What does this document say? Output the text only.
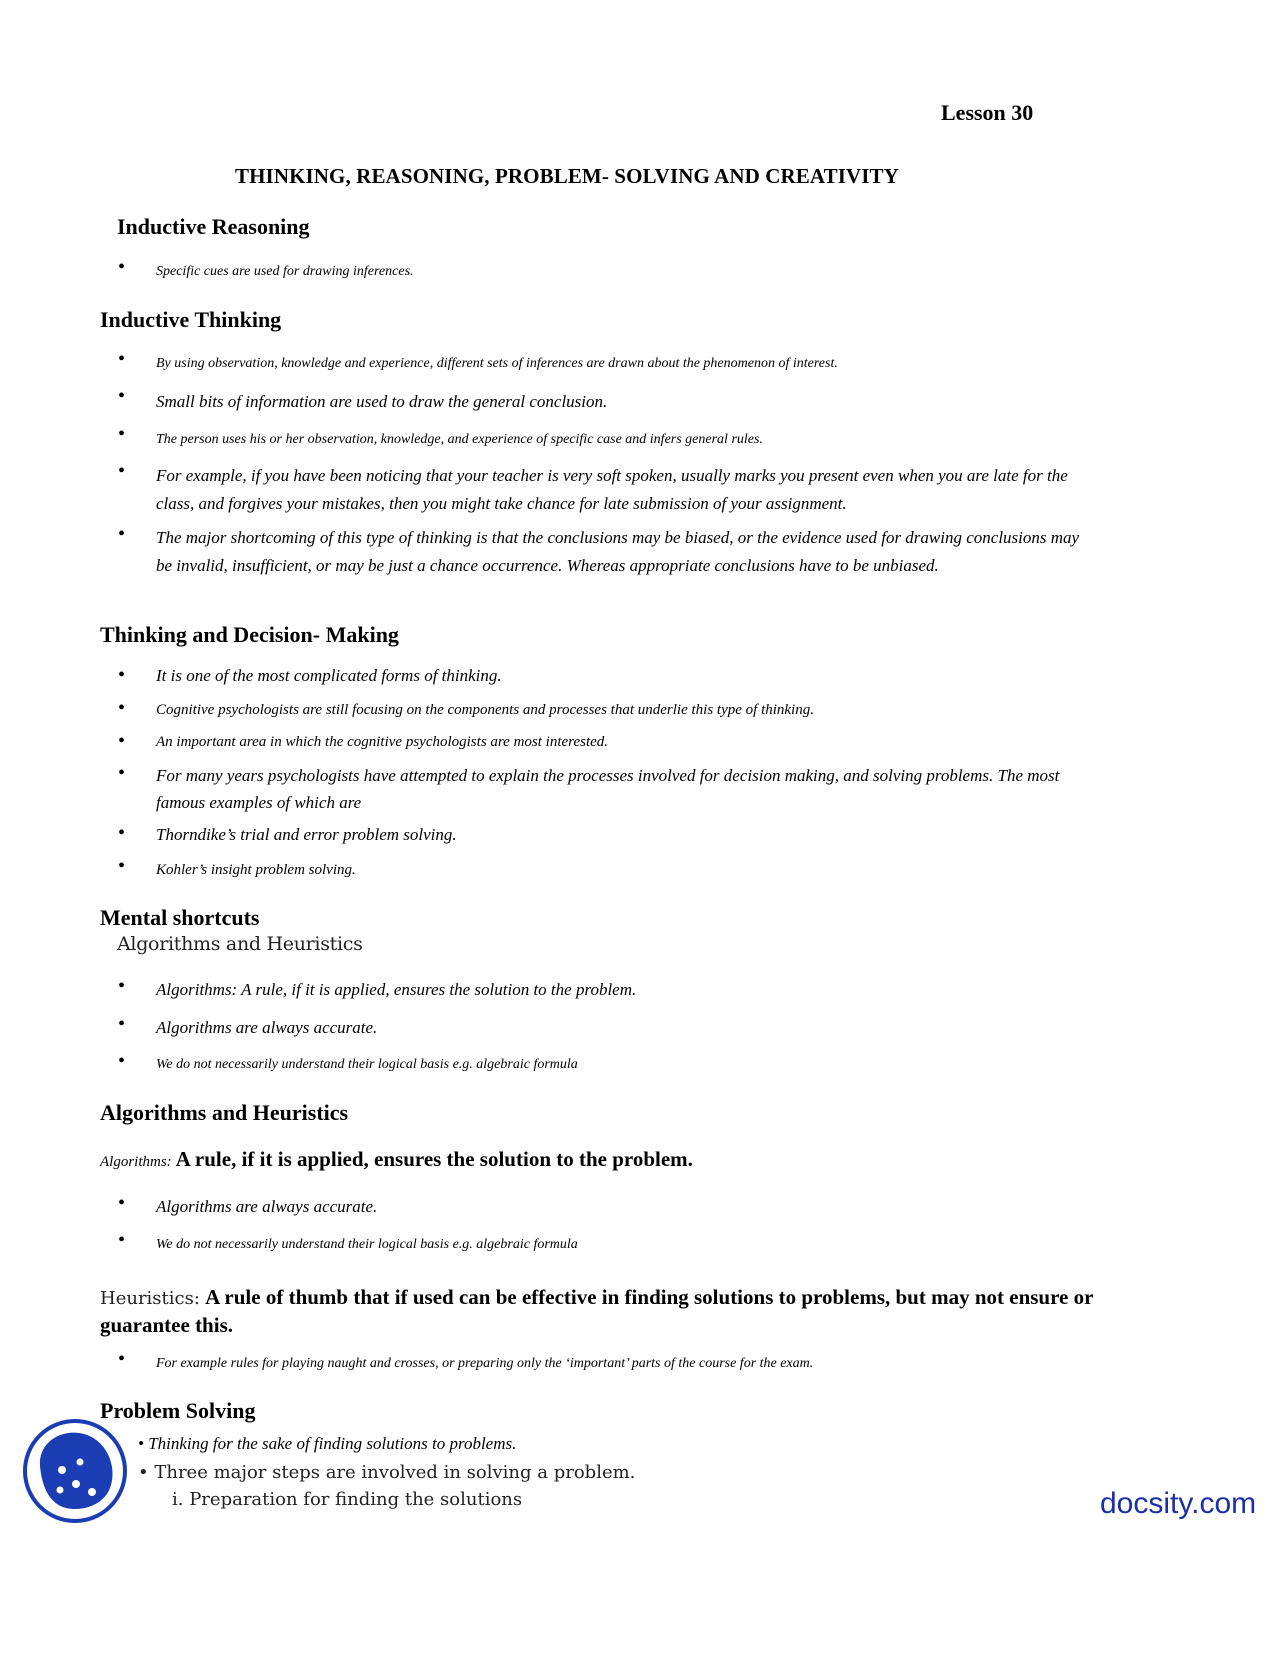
Lesson 30
THINKING, REASONING, PROBLEM- SOLVING AND CREATIVITY
Inductive Reasoning
• Specific cues are used for drawing inferences.
Inductive Thinking
• By using observation, knowledge and experience, different sets of inferences are drawn about the phenomenon of interest.
• Small bits of information are used to draw the general conclusion.
• The person uses his or her observation, knowledge, and experience of specific case and infers general rules.
• For example, if you have been noticing that your teacher is very soft spoken, usually marks you present even when you are late for the class, and forgives your mistakes, then you might take chance for late submission of your assignment.
• The major shortcoming of this type of thinking is that the conclusions may be biased, or the evidence used for drawing conclusions may be invalid, insufficient, or may be just a chance occurrence. Whereas appropriate conclusions have to be unbiased.
Thinking and Decision- Making
• It is one of the most complicated forms of thinking.
• Cognitive psychologists are still focusing on the components and processes that underlie this type of thinking.
• An important area in which the cognitive psychologists are most interested.
• For many years psychologists have attempted to explain the processes involved for decision making, and solving problems. The most famous examples of which are
• Thorndike’s trial and error problem solving.
• Kohler’s insight problem solving.
Mental shortcuts
Algorithms and Heuristics
• Algorithms: A rule, if it is applied, ensures the solution to the problem.
• Algorithms are always accurate.
• We do not necessarily understand their logical basis e.g. algebraic formula
Algorithms and Heuristics
Algorithms: A rule, if it is applied, ensures the solution to the problem.
• Algorithms are always accurate.
• We do not necessarily understand their logical basis e.g. algebraic formula
Heuristics: A rule of thumb that if used can be effective in finding solutions to problems, but may not ensure or guarantee this.
• For example rules for playing naught and crosses, or preparing only the ‘important’ parts of the course for the exam.
Problem Solving
• Thinking for the sake of finding solutions to problems.
• Three major steps are involved in solving a problem.
i. Preparation for finding the solutions	docsity.com
